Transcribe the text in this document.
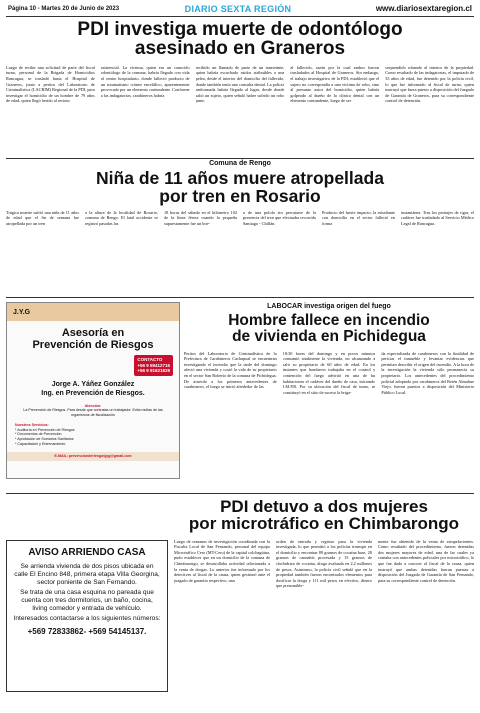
Página 10 - Martes 20 de Junio de 2023	DIARIO SEXTA REGIÓN	www.diariosextaregion.cl
PDI investiga muerte de odontólogo
asesinado en Graneros
Luego de recibir una solicitud de parte del fiscal turno, personal de la Brigada de Homicidios Rancagua, se trasladó hasta el Hospital de Graneros, junto a peritos del Laboratorio de Criminalística (LACRIM) Regional de la PDI, para investigar el homicidio de un hombre de 79 años de edad, quien llegó herido al recinto
asistencial. La víctima, quien era un conocido odontólogo de la comuna, habría llegado con vida al centro hospitalario, donde falleció producto de un traumatismo cráneo encefálico, aparentemente provocado por un elemento contundente. Conforme a las indagatorias, carabineros habría
recibido un llamado de parte de un transeúnte, quien habría escuchado ruidos atribuibles a una pelea, desde el interior del domicilio del fallecido, donde también tenía una consulta dental. La policía uniformada habría llegado al lugar, desde donde salió un sujeto, quien señaló haber sufrido un robo junto
al fallecido, razón por la cual ambos fueron trasladados al Hospital de Graneros. Sin embargo, el trabajo investigativo de la PDI, estableció que el sujeto no correspondía a una víctima de robo, sino al presunto autor del homicidio, quien habría golpeado al dueño de la clínica dental con un elemento contundente, luego de ser
sorprendido robando al interior de la propiedad. Como resultado de las indagatorias, el imputado de 35 años de edad, fue detenido por la policía civil, lo que fue informado al fiscal de turno, quien instruyó que fuera puesto a disposición del Juzgado de Garantía de Graneros, para su correspondiente control de detención.
Comuna de Rengo
Niña de 11 años muere atropellada
por tren en Rosario
Trágica muerte sufrió una niña de 11 años de edad que el fin de semana fue atropellada por un tren
a la altura de la localidad de Rosario, comuna de Rengo. El fatal accidente se registró pasadas las
18 horas del sábado en el kilómetro 102 de la línea férrea cuando la pequeña supuestamente fue un boe-
a de una polola sin percatarse de la presencia del tren que efectuaba recorrido Santiago - Chillán.
Producto del fuerte impacto, la estudiante con domicilio en el sector falleció en forma
instantánea. Tras los peritajes de rigor, el cadáver fue trasladado al Servicio Médico Legal de Rancagua.
J.Y.G
Asesoría en
Prevención de Riesgos
CONTACTO
+56 9 59412715
+56 9 91621829
Jorge A. Yáñez González
Ing. en Prevención de Riesgos.
Atención:
La Prevención de Riesgos. Para desde que contratas un trabajador. Evita multas de las organismos de fiscalización
Nuestros Servicios:
* Auditoría en Prevención de Riesgos
* Documentos de Prevención
* Aprobación de Sumarios Sanitarios
* Capacitación y Entrenamiento
E-MAIL: prevencionderiesgosjyg@gmail.com
LABOCAR investiga origen del fuego
Hombre fallece en incendio
de vivienda en Pichidegua
Peritos del Laboratorio de Criminalística de la Prefectura de Carabineros Cachapoal se encuentran investigando el incendio que la tarde del domingo afectó una vivienda y costó la vida de su propietario en el sector San Roberto de la comuna de Pichidegua. De acuerdo a los primeros antecedentes de carabineros, el fuego se inició alrededor de las
18:30 horas del domingo y en pocos minutos consumió totalmente la vivienda, no alcanzando a salir su propietario de 60 años de edad. En los instantes que bomberos trabajaba en el control y contención del fuego advirtió en una de las habitaciones el cadáver del dueño de casa, iniciando J.M.P.R. Por su ubicación del fiscal de turno, se constituyó en el sitio de suceso la briga-
da especializada de carabineros con la finalidad de periciar el inmueble y levantar evidencias que permitan describir el origen del incendio. A la hora de la investigación la vivienda sólo permanecía su propietario. Los antecedentes del procedimiento policial adoptado por carabineros del Retén Almahue Viejo, fueron puestos a disposición del Ministerio Público Local.
AVISO ARRIENDO CASA
Se arrienda vivienda de dos pisos ubicada en calle El Encino 848, primera etapa Villa Georgina, sector poniente de San Fernando.
Se trata de una casa esquina no pareada que cuenta con tres dormitorios, un baño, cocina, living comedor y entrada de vehículo.
Interesados contactarse a los siguientes números:
+569 72833862- +569 54145137.
PDI detuvo a dos mujeres
por microtráfico en Chimbarongo
Luego de semanas de investigación coordinada con la Fiscalía Local de San Fernando, personal del equipo Microtráfico Cero (MT-Cero) de la capital colchagüina, pudo establecer que en un domicilio de la comuna de Chimbarongo, se desarrollaba actividad relacionada a la venta de drogas. Lo anterior fue informado por los detectives al fiscal de la causa, quien gestionó ante el juzgado de garantía respectivo, una
orden de entrada y registro para la vivienda investigada, lo que permitió a los policías irrumpir en el domicilio y encontrar 89 gramos de cocaína base, 20 gramos de cannabis procesada y 15 gramos de clorhidrato de cocaína, droga avaluada en 2,2 millones de pesos. Asimismo, la policía civil señaló que en la propiedad también fueron encontrados elementos para dosificar la droga y 111 mil pesos en efectivo, dinero que presumible-
mente fue obtenido de la venta de estupefacientes. Como resultado del procedimiento, fueron detenidas dos mujeres mayores de edad, una de las cuales ya contaba con antecedentes policiales por microtráfico, lo que fue dado a conocer al fiscal de la causa, quien instruyó que ambas detenidas fueran puestas a disposición del Juzgado de Garantía de San Fernando, para su correspondiente control de detención.
